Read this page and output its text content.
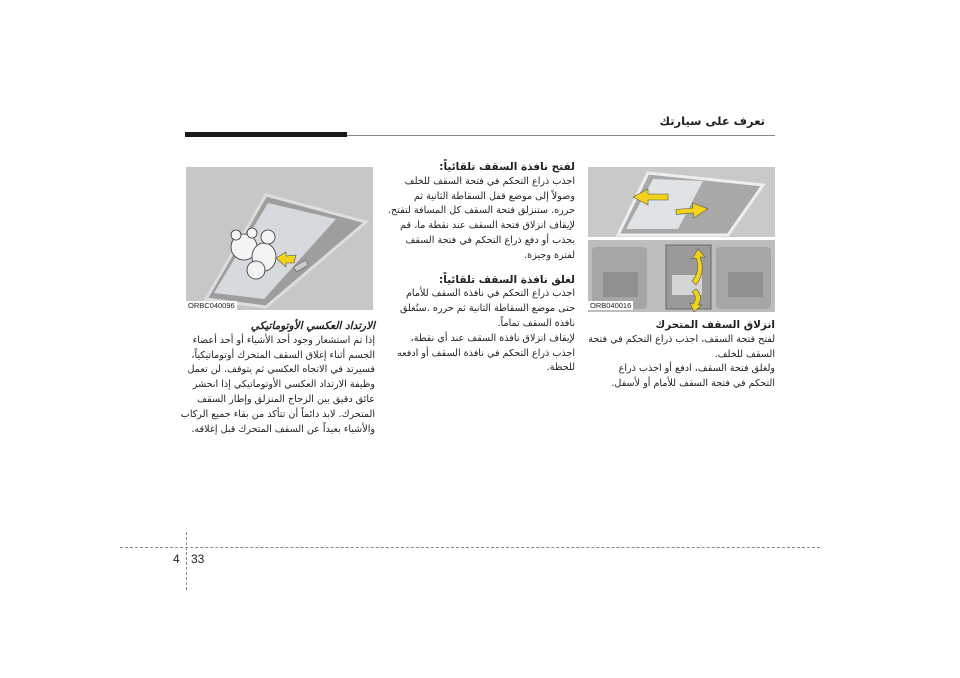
تعرف على سيارتك
ORB040016
ORBC040096
انزلاق السقف المتحرك
لفتح فتحة السقف، اجذب ذراع التحكم في فتحة
السقف للخلف.
ولغلق فتحة السقف، ادفع أو اجذب ذراع
التحكم في فتحة السقف للأمام أو لأسفل.
لفتح نافذة السقف تلقائياً:
اجذب ذراع التحكم في فتحة السقف للخلف
وصولاً إلى موضع قفل السقاطة الثانية ثم
حرره. ستنزلق فتحة السقف كل المسافة لتفتح.
لإيقاف انزلاق فتحة السقف عند نقطة ما، قم
بجذب أو دفع ذراع التحكم في فتحة السقف
لفترة وجيزة.
لغلق نافذة السقف تلقائياً:
اجذب ذراع التحكم في نافذة السقف للأمام
حتى موضع السقاطة الثانية ثم حرره .ستُغلق
نافذة السقف تماماً.
لإيقاف انزلاق نافذة السقف عند أي نقطة،
اجذب ذراع التحكم في نافذة السقف أو ادفعه
للحظة.
الارتداد العكسي الأوتوماتيكي
إذا تم استشعار وجود أحد الأشياء أو أحد أعضاء
الجسم أثناء إغلاق السقف المتحرك أوتوماتيكياً،
فسيرتد في الاتجاه العكسي ثم يتوقف. لن تعمل
وظيفة الارتداد العكسي الأوتوماتيكي إذا انحشر
عائق دقيق بين الزجاج المنزلق وإطار السقف
المتحرك. لابد دائماً أن تتأكد من بقاء جميع الركاب
والأشياء بعيداً عن السقف المتحرك قبل إغلاقه.
4 33
